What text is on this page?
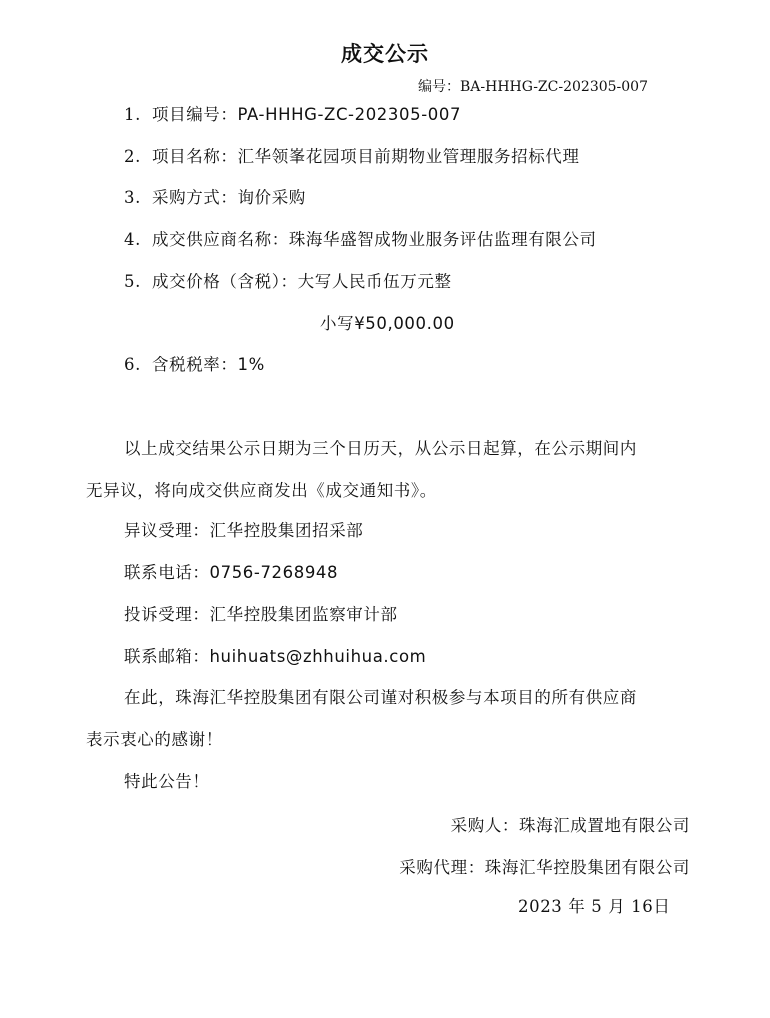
成交公示
编号：BA-HHHG-ZC-202305-007
1. 项目编号：PA-HHHG-ZC-202305-007
2. 项目名称：汇华领峯花园项目前期物业管理服务招标代理
3. 采购方式：询价采购
4. 成交供应商名称：珠海华盛智成物业服务评估监理有限公司
5. 成交价格（含税）：大写人民币伍万元整
小写¥50,000.00
6. 含税税率：1%
以上成交结果公示日期为三个日历天，从公示日起算，在公示期间内
无异议，将向成交供应商发出《成交通知书》。
异议受理：汇华控股集团招采部
联系电话：0756-7268948
投诉受理：汇华控股集团监察审计部
联系邮箱：huihuats@zhhuihua.com
在此，珠海汇华控股集团有限公司谨对积极参与本项目的所有供应商
表示衷心的感谢！
特此公告！
采购人：珠海汇成置地有限公司
采购代理：珠海汇华控股集团有限公司
2023 年 5 月 16日
